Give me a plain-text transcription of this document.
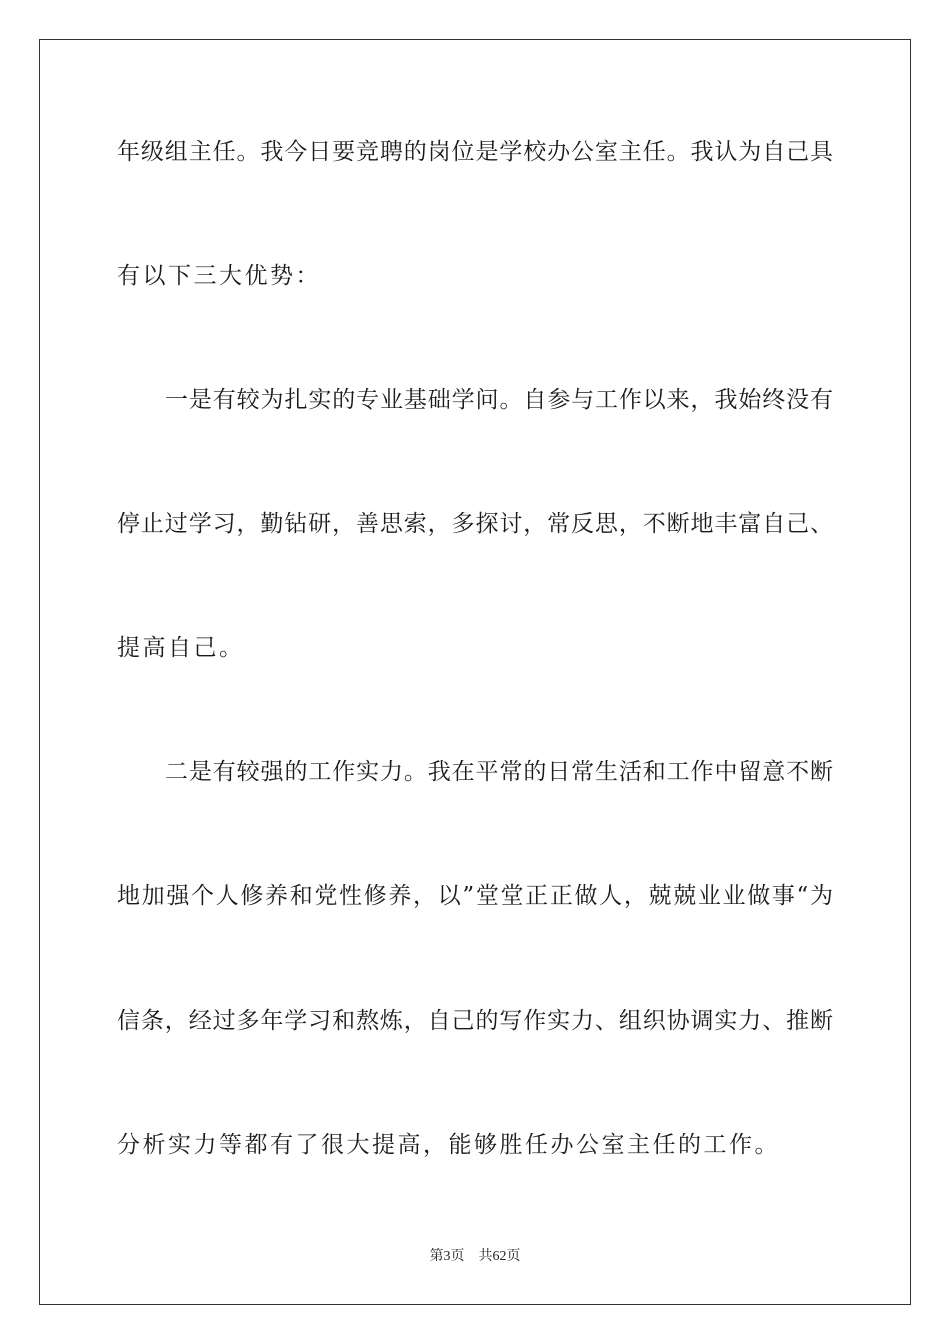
年级组主任。我今日要竞聘的岗位是学校办公室主任。我认为自己具
有以下三大优势：
一是有较为扎实的专业基础学问。自参与工作以来，我始终没有
停止过学习，勤钻研，善思索，多探讨，常反思，不断地丰富自己、
提高自己。
二是有较强的工作实力。我在平常的日常生活和工作中留意不断
地加强个人修养和党性修养，以”堂堂正正做人，兢兢业业做事“为
信条，经过多年学习和熬炼，自己的写作实力、组织协调实力、推断
分析实力等都有了很大提高，能够胜任办公室主任的工作。
第3页 共62页
